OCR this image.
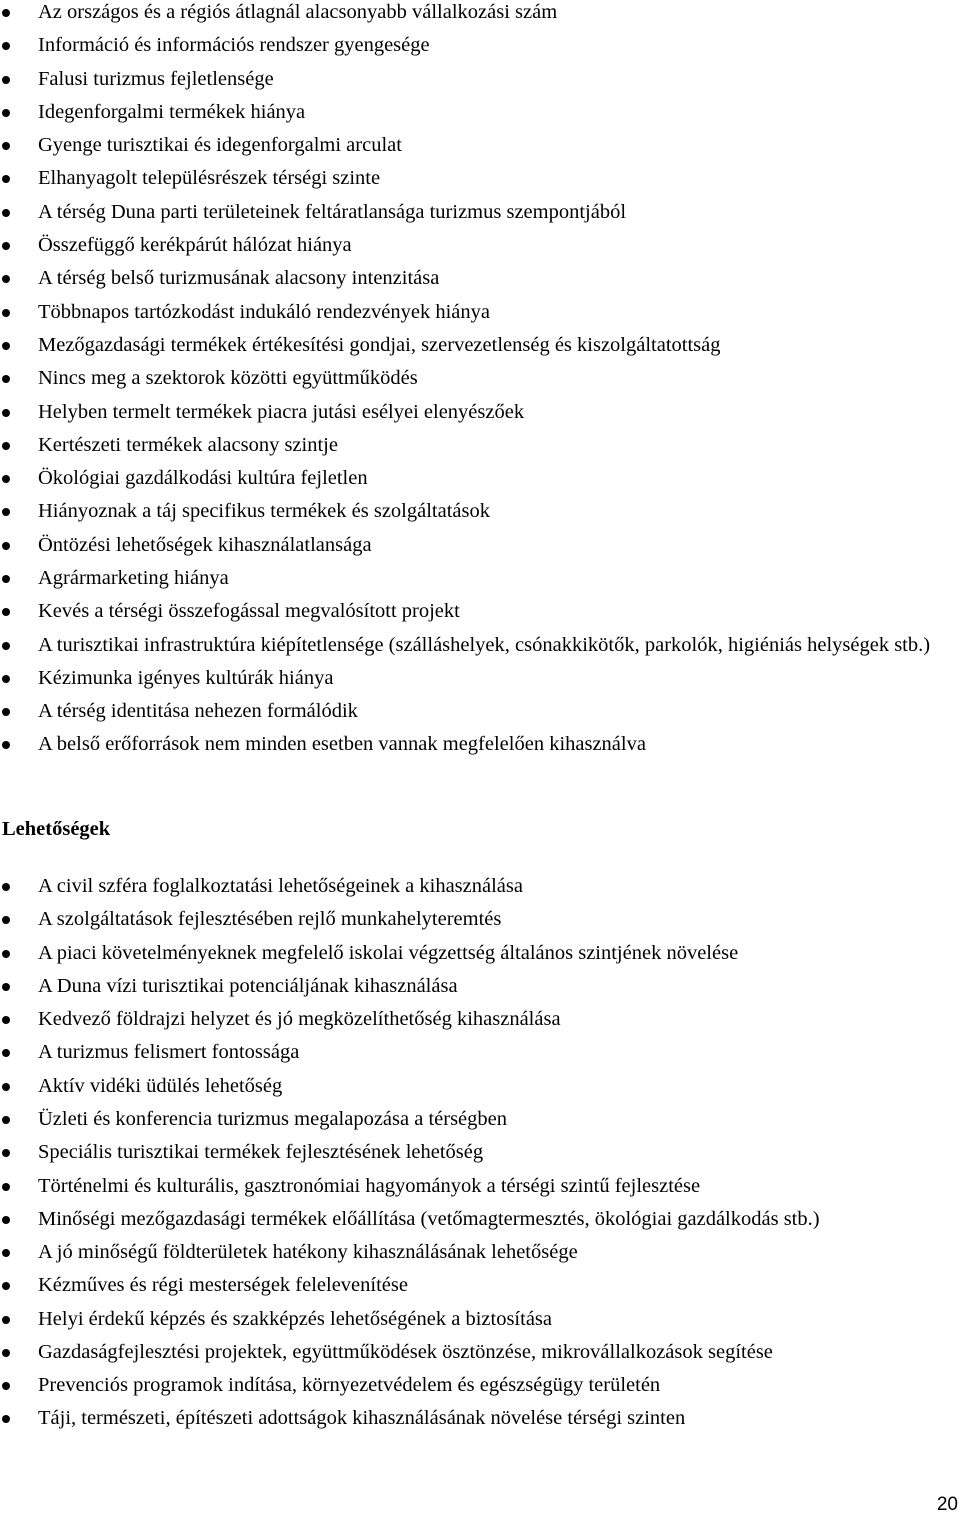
Az országos és a régiós átlagnál alacsonyabb vállalkozási szám
Információ és információs rendszer gyengesége
Falusi turizmus fejletlensége
Idegenforgalmi termékek hiánya
Gyenge turisztikai és idegenforgalmi arculat
Elhanyagolt településrészek térségi szinte
A térség Duna parti területeinek feltáratlansága turizmus szempontjából
Összefüggő kerékpárút hálózat hiánya
A térség belső turizmusának alacsony intenzitása
Többnapos tartózkodást indukáló rendezvények hiánya
Mezőgazdasági termékek értékesítési gondjai, szervezetlenség és kiszolgáltatottság
Nincs meg a szektorok közötti együttműködés
Helyben termelt termékek piacra jutási esélyei elenyészőek
Kertészeti termékek alacsony szintje
Ökológiai gazdálkodási kultúra fejletlen
Hiányoznak a táj specifikus termékek és szolgáltatások
Öntözési lehetőségek kihasználatlansága
Agrármarketing hiánya
Kevés a térségi összefogással megvalósított projekt
A turisztikai infrastruktúra kiépítetlensége (szálláshelyek, csónakkikötők, parkolók, higiéniás helységek stb.)
Kézimunka igényes kultúrák hiánya
A térség identitása nehezen formálódik
A belső erőforrások nem minden esetben vannak megfelelően kihasználva
Lehetőségek
A civil szféra foglalkoztatási lehetőségeinek a kihasználása
A szolgáltatások fejlesztésében rejlő munkahelyteremtés
A piaci követelményeknek megfelelő iskolai végzettség általános szintjének növelése
A Duna vízi turisztikai potenciáljának kihasználása
Kedvező földrajzi helyzet és jó megközelíthetőség kihasználása
A turizmus felismert fontossága
Aktív vidéki üdülés lehetőség
Üzleti és konferencia turizmus megalapozása a térségben
Speciális turisztikai termékek fejlesztésének lehetőség
Történelmi és kulturális, gasztronómiai hagyományok a térségi szintű fejlesztése
Minőségi mezőgazdasági termékek előállítása (vetőmagtermesztés, ökológiai gazdálkodás stb.)
A jó minőségű földterületek hatékony kihasználásának lehetősége
Kézműves és régi mesterségek felelevenítése
Helyi érdekű képzés és szakképzés lehetőségének a biztosítása
Gazdaságfejlesztési projektek, együttműködések ösztönzése, mikrovállalkozások segítése
Prevenciós programok indítása, környezetvédelem és egészségügy területén
Táji, természeti, építészeti adottságok kihasználásának növelése térségi szinten
20
